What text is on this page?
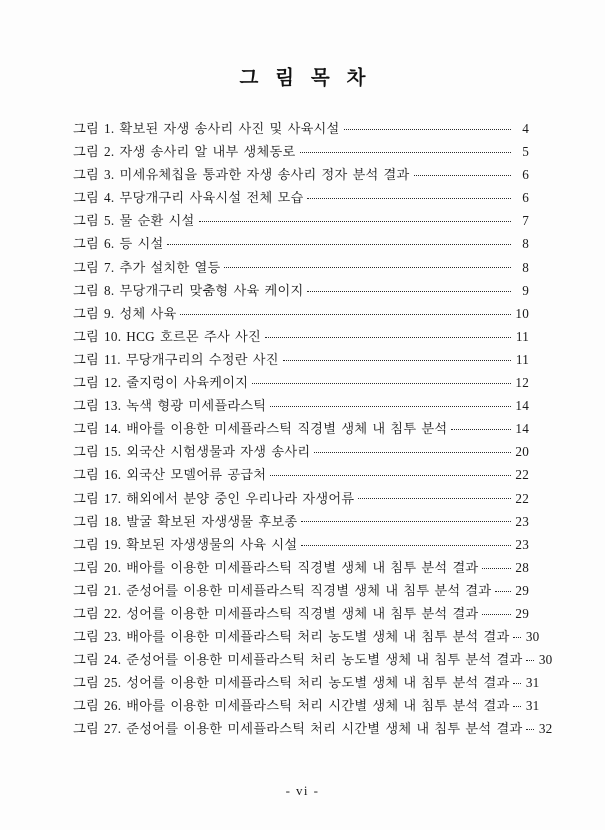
그 림 목 차
그림 1. 확보된 자생 송사리 사진 및 사육시설	4
그림 2. 자생 송사리 알 내부 생체동로	5
그림 3. 미세유체칩을 통과한 자생 송사리 정자 분석 결과	6
그림 4. 무당개구리 사육시설 전체 모습	6
그림 5. 물 순환 시설	7
그림 6. 등 시설	8
그림 7. 추가 설치한 열등	8
그림 8. 무당개구리 맞춤형 사육 케이지	9
그림 9. 성체 사육	10
그림 10. HCG 호르몬 주사 사진	11
그림 11. 무당개구리의 수정란 사진	11
그림 12. 줄지렁이 사육케이지	12
그림 13. 녹색 형광 미세플라스틱	14
그림 14. 배아를 이용한 미세플라스틱 직경별 생체 내 침투 분석	14
그림 15. 외국산 시험생물과 자생 송사리	20
그림 16. 외국산 모델어류 공급처	22
그림 17. 해외에서 분양 중인 우리나라 자생어류	22
그림 18. 발굴 확보된 자생생물 후보종	23
그림 19. 확보된 자생생물의 사육 시설	23
그림 20. 배아를 이용한 미세플라스틱 직경별 생체 내 침투 분석 결과	28
그림 21. 준성어를 이용한 미세플라스틱 직경별 생체 내 침투 분석 결과 29
그림 22. 성어를 이용한 미세플라스틱 직경별 생체 내 침투 분석 결과	29
그림 23. 배아를 이용한 미세플라스틱 처리 농도별 생체 내 침투 분석 결과 30
그림 24. 준성어를 이용한 미세플라스틱 처리 농도별 생체 내 침투 분석 결과 30
그림 25. 성어를 이용한 미세플라스틱 처리 농도별 생체 내 침투 분석 결과 31
그림 26. 배아를 이용한 미세플라스틱 처리 시간별 생체 내 침투 분석 결과 31
그림 27. 준성어를 이용한 미세플라스틱 처리 시간별 생체 내 침투 분석 결과 32
- vi -
